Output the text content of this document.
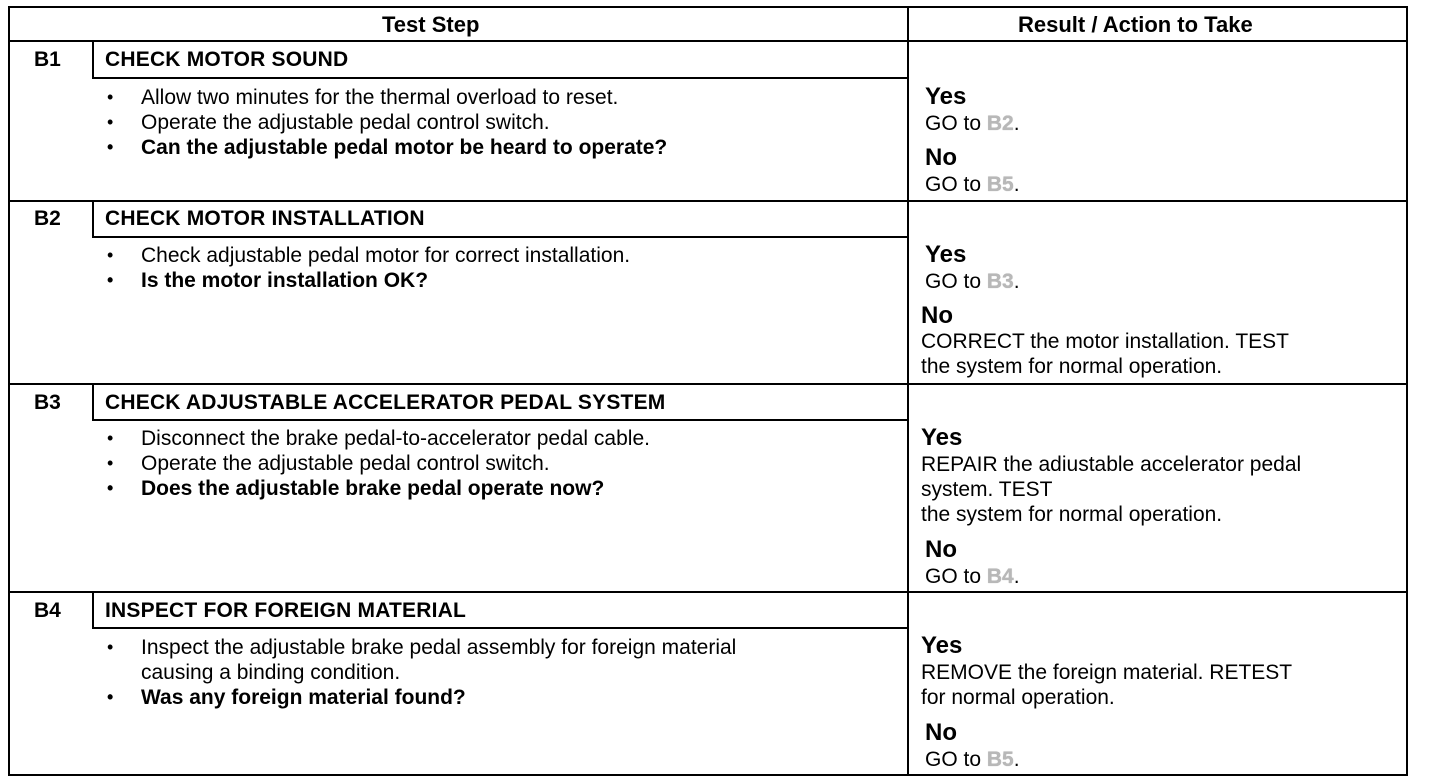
Test Step	Result / Action to Take
B1 CHECK MOTOR SOUND
• Allow two minutes for the thermal overload to reset.
• Operate the adjustable pedal control switch.
• Can the adjustable pedal motor be heard to operate?
Yes
GO to B2.
No
GO to B5.
B2 CHECK MOTOR INSTALLATION
• Check adjustable pedal motor for correct installation.
• Is the motor installation OK?
Yes
GO to B3.
No
CORRECT the motor installation. TEST
the system for normal operation.
B3 CHECK ADJUSTABLE ACCELERATOR PEDAL SYSTEM
• Disconnect the brake pedal-to-accelerator pedal cable.
• Operate the adjustable pedal control switch.
• Does the adjustable brake pedal operate now?
Yes
REPAIR the adiustable accelerator pedal
system. TEST
the system for normal operation.
No
GO to B4.
B4 INSPECT FOR FOREIGN MATERIAL
• Inspect the adjustable brake pedal assembly for foreign material
causing a binding condition.
• Was any foreign material found?
Yes
REMOVE the foreign material. RETEST
for normal operation.
No
GO to B5.
